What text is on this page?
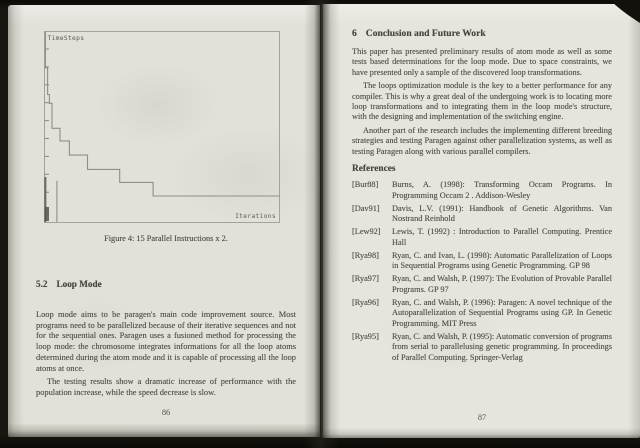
TimeSteps
Iterations
Figure 4: 15 Parallel Instructions x 2.
5.2 Loop Mode

Loop mode aims to be paragen's main code improvement source. Most programs need to be parallelized because of their iterative sequences and not for the sequential ones. Paragen uses a fusioned method for processing the loop mode: the chromosome integrates informations for all the loop atoms determined during the atom mode and it is capable of processing all the loop atoms at once.

The testing results show a dramatic increase of performance with the population increase, while the speed decrease is slow.

86
6 Conclusion and Future Work

This paper has presented preliminary results of atom mode as well as some tests based determinations for the loop mode. Due to space constraints, we have presented only a sample of the discovered loop transformations.

The loops optimization module is the key to a better performance for any compiler. This is why a great deal of the undergoing work is to locating more loop transformations and to integrating them in the loop mode's structure, with the designing and implementation of the switching engine.

Another part of the research includes the implementing different breeding strategies and testing Paragen against other parallelization systems, as well as testing Paragen along with various parallel compilers.

References
[Bur88]	Burns, A. (1998): Transforming Occam Programs. In Programming Occam 2 . Addison-Wesley
[Dav91]	Davis, L.V. (1991): Handbook of Genetic Algorithms. Van Nostrand Reinhold
[Lew92]	Lewis, T. (1992) : Introduction to Parallel Computing. Prentice Hall
[Rya98]	Ryan, C. and Ivan, L. (1998): Automatic Parallelization of Loops in Sequential Programs using Genetic Programming. GP 98
[Rya97]	Ryan, C. and Walsh, P. (1997): The Evolution of Provable Parallel Programs. GP 97
[Rya96]	Ryan, C. and Walsh, P. (1996): Paragen: A novel technique of the Autoparallelization of Sequential Programs using GP. In Genetic Programming. MIT Press
[Rya95]	Ryan, C. and Walsh, P. (1995): Automatic conversion of programs from serial to parallelusing genetic programming. In proceedings of Parallel Computing. Springer-Verlag
87
